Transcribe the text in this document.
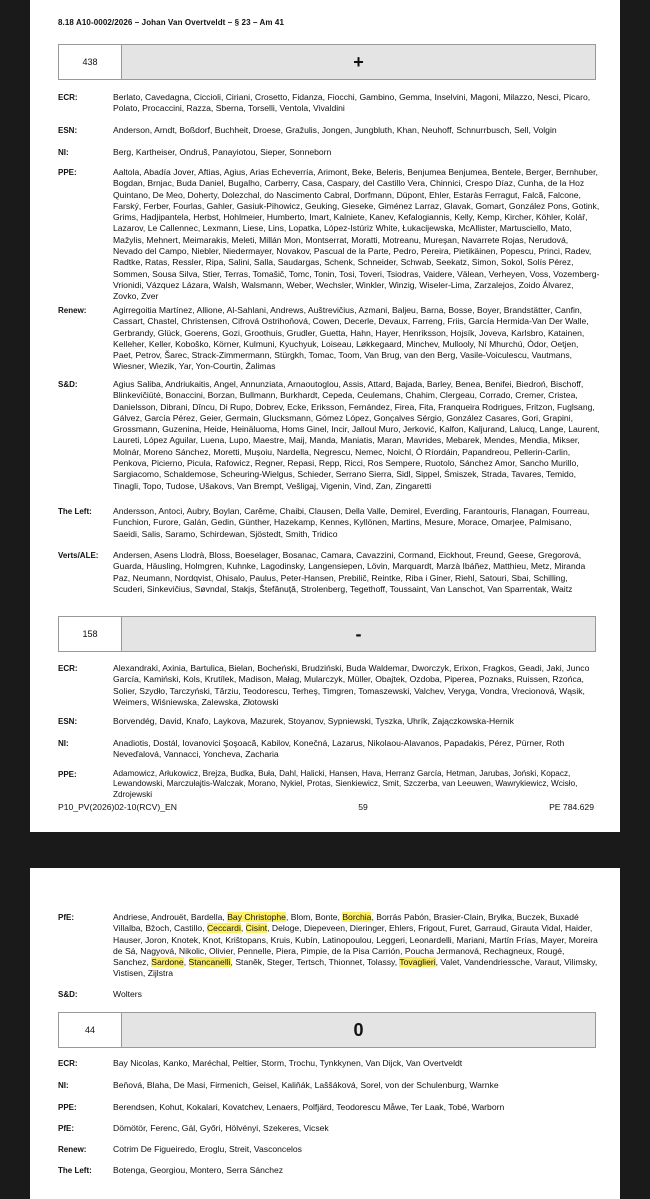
8.18 A10-0002/2026 – Johan Van Overtveldt – § 23 – Am 41
438	+
ECR:	Berlato, Cavedagna, Ciccioli, Ciriani, Crosetto, Fidanza, Fiocchi, Gambino, Gemma, Inselvini, Magoni, Milazzo, Nesci, Picaro, Polato, Procaccini, Razza, Sberna, Torselli, Ventola, Vivaldini
ESN:	Anderson, Arndt, Boßdorf, Buchheit, Droese, Gražulis, Jongen, Jungbluth, Khan, Neuhoff, Schnurrbusch, Sell, Volgin
NI:	Berg, Kartheiser, Ondruš, Panayiotou, Sieper, Sonneborn
PPE:	Aaltola, Abadía Jover, Aftias, Agius, Arias Echeverría, Arimont, Beke, Beleris, Benjumea Benjumea, Bentele, Berger, Bernhuber, Bogdan, Brnjac, Buda Daniel, Bugalho, Carberry, Casa, Caspary, del Castillo Vera, Chinnici, Crespo Díaz, Cunha, de la Hoz Quintano, De Meo, Doherty, Dolezchal, do Nascimento Cabral, Dorfmann, Düpont, Ehler, Estaràs Ferragut, Falcă, Falcone, Farský, Ferber, Fourlas, Gahler, Gasiuk-Pihowicz, Geuking, Gieseke, Giménez Larraz, Glavak, Gomart, González Pons, Gotink, Grims, Hadjipantela, Herbst, Hohlmeier, Humberto, Imart, Kalniete, Kanev, Kefalogiannis, Kelly, Kemp, Kircher, Köhler, Kolář, Lazarov, Le Callennec, Lexmann, Liese, Lins, Lopatka, López-Istúriz White, Łukacijewska, McAllister, Martusciello, Mato, Mažylis, Mehnert, Meimarakis, Meleti, Millán Mon, Montserrat, Moratti, Motreanu, Mureşan, Navarrete Rojas, Nerudová, Nevado del Campo, Niebler, Niedermayer, Novakov, Pascual de la Parte, Pedro, Pereira, Pietikäinen, Popescu, Princi, Radev, Radtke, Ratas, Ressler, Ripa, Salini, Salla, Saudargas, Schenk, Schneider, Schwab, Seekatz, Simon, Sokol, Solís Pérez, Sommen, Sousa Silva, Stier, Terras, Tomašič, Tomc, Tonin, Tosi, Toveri, Tsiodras, Vaidere, Välean, Verheyen, Voss, Vozemberg-Vrionidi, Vázquez Lázara, Walsh, Walsmann, Weber, Wechsler, Winkler, Winzig, Wiseler-Lima, Zarzalejos, Zoido Álvarez, Zovko, Zver
Renew:	Agirregoitia Martínez, Allione, Al-Sahlani, Andrews, Auštrevičius, Azmani, Baljeu, Barna, Bosse, Boyer, Brandstätter, Canfin, Cassart, Chastel, Christensen, Cifrová Ostrihoňová, Cowen, Decerle, Devaux, Farreng, Friis, García Hermida-Van Der Walle, Gerbrandy, Glück, Goerens, Gozi, Groothuis, Grudler, Guetta, Hahn, Hayer, Henriksson, Hojsík, Joveva, Karlsbro, Katainen, Kelleher, Keller, Koboško, Körner, Kulmuni, Kyuchyuk, Loiseau, Løkkegaard, Minchev, Mullooly, Ní Mhurchú, Ódor, Oetjen, Paet, Petrov, Šarec, Strack-Zimmermann, Stürgkh, Tomac, Toom, Van Brug, van den Berg, Vasile-Voiculescu, Vautmans, Wiesner, Wiezik, Yar, Yon-Courtin, Žalimas
S&D:	Agius Saliba, Andriukaitis, Angel, Annunziata, Arnaoutoglou, Assis, Attard, Bajada, Barley, Benea, Benifei, Biedroń, Bischoff, Blinkevičiūtė, Bonaccini, Borzan, Bullmann, Burkhardt, Cepeda, Ceulemans, Chahim, Clergeau, Corrado, Cremer, Cristea, Danielsson, Dibrani, Dîncu, Di Rupo, Dobrev, Ecke, Eriksson, Fernández, Firea, Fita, Franqueira Rodrigues, Fritzon, Fuglsang, Gálvez, García Pérez, Geier, Germain, Glucksmann, Gómez López, Gonçalves Sérgio, González Casares, Gori, Grapini, Grossmann, Guzenina, Heide, Heinäluoma, Homs Ginel, Incir, Jalloul Muro, Jerković, Kalfon, Kaljurand, Lalucq, Lange, Laurent, Laureti, López Aguilar, Luena, Lupo, Maestre, Maij, Manda, Maniatis, Maran, Mavrides, Mebarek, Mendes, Mendia, Mikser, Molnár, Moreno Sánchez, Moretti, Mușoiu, Nardella, Negrescu, Nemec, Noichl, Ó Ríordáin, Papandreou, Pellerin-Carlin, Penkova, Picierno, Picula, Rafowicz, Regner, Repasi, Repp, Ricci, Ros Sempere, Ruotolo, Sánchez Amor, Sancho Murillo, Sargiacomo, Schaldemose, Scheuring-Wielgus, Schieder, Serrano Sierra, Sidl, Sippel, Śmiszek, Strada, Tavares, Temido, Tinagli, Topo, Tudose, Ušakovs, Van Brempt, Vešligaj, Vigenin, Vind, Zan, Zingaretti
The Left:	Andersson, Antoci, Aubry, Boylan, Carême, Chaibi, Clausen, Della Valle, Demirel, Everding, Farantouris, Flanagan, Fourreau, Funchion, Furore, Galán, Gedin, Günther, Hazekamp, Kennes, Kyllönen, Martins, Mesure, Morace, Omarjee, Palmisano, Saeidi, Salis, Saramo, Schirdewan, Sjöstedt, Smith, Tridico
Verts/ALE:	Andersen, Asens Llodrà, Bloss, Boeselager, Bosanac, Camara, Cavazzini, Cormand, Eickhout, Freund, Geese, Gregorová, Guarda, Häusling, Holmgren, Kuhnke, Lagodinsky, Langensiepen, Lövin, Marquardt, Marzà Ibáñez, Matthieu, Metz, Miranda Paz, Neumann, Nordqvist, Ohisalo, Paulus, Peter-Hansen, Prebilič, Reintke, Riba i Giner, Riehl, Satouri, Sbai, Schilling, Scuderi, Sinkevičius, Søvndal, Stakjs, Štefănuță, Strolenberg, Tegethoff, Toussaint, Van Lanschot, Van Sparrentak, Waitz
158	-
ECR:	Alexandraki, Axinia, Bartulica, Bielan, Bocheński, Brudziński, Buda Waldemar, Dworczyk, Erixon, Fragkos, Geadi, Jaki, Junco García, Kamiński, Kols, Krutílek, Madison, Małag, Mularczyk, Müller, Obajtek, Ozdoba, Piperea, Poznaks, Ruissen, Rzońca, Solier, Szydło, Tarczyński, Tărziu, Teodorescu, Terheş, Timgren, Tomaszewski, Valchev, Veryga, Vondra, Vrecionová, Wąsik, Weimers, Wiśniewska, Zalewska, Złotowski
ESN:	Borvendég, David, Knafo, Laykova, Mazurek, Stoyanov, Sypniewski, Tyszka, Uhrík, Zajączkowska-Hernik
NI:	Anadiotis, Dostál, Iovanovici Şoşoacă, Kabilov, Konečná, Lazarus, Nikolaou-Alavanos, Papadakis, Pérez, Pürner, Roth Neveďalová, Vannacci, Yoncheva, Zacharia
PPE:	Adamowicz, Arłukowicz, Brejza, Budka, Buła, Dahl, Halicki, Hansen, Hava, Herranz García, Hetman, Jarubas, Joński, Kopacz, Lewandowski, Marczułajtis-Walczak, Morano, Nykiel, Protas, Sienkiewicz, Smit, Szczerba, van Leeuwen, Wawrykiewicz, Wcisło, Zdrojewski
P10_PV(2026)02-10(RCV)_EN	59	PE 784.629
PfE:	Andriese, Androuët, Bardella, Bay Christophe, Blom, Bonte, Borchia, Borrás Pabón, Brasier-Clain, Bryłka, Buczek, Buxadé Villalba, Bžoch, Castillo, Ceccardi, Cisint, Deloge, Diepeveen, Dieringer, Ehlers, Frigout, Furet, Garraud, Girauta Vidal, Haider, Hauser, Joron, Knotek, Knot, Krištopans, Kruis, Kubín, Latinopoulou, Leggeri, Leonardelli, Mariani, Martín Frías, Mayer, Moreira de Sá, Nagyová, Nikolic, Olivier, Pennelle, Piera, Pimpie, de la Pisa Carrión, Poucha Jermanová, Rechagneux, Rougé, Sanchez, Sardone, Stancanelli, Staněk, Steger, Tertsch, Thionnet, Tolassy, Tovaglieri, Valet, Vandendriessche, Varaut, Vilimsky, Vistisen, Zijlstra
S&D:	Wolters
44	0
ECR:	Bay Nicolas, Kanko, Maréchal, Peltier, Storm, Trochu, Tynkkynen, Van Dijck, Van Overtveldt
NI:	Beňová, Blaha, De Masi, Firmenich, Geisel, Kaliňák, Laššáková, Sorel, von der Schulenburg, Warnke
PPE:	Berendsen, Kohut, Kokalari, Kovatchev, Lenaers, Polfjärd, Teodorescu Måwe, Ter Laak, Tobé, Warborn
PfE:	Dömötör, Ferenc, Gál, Győri, Hölvényi, Szekeres, Vicsek
Renew:	Cotrim De Figueiredo, Eroglu, Streit, Vasconcelos
The Left:	Botenga, Georgiou, Montero, Serra Sánchez
